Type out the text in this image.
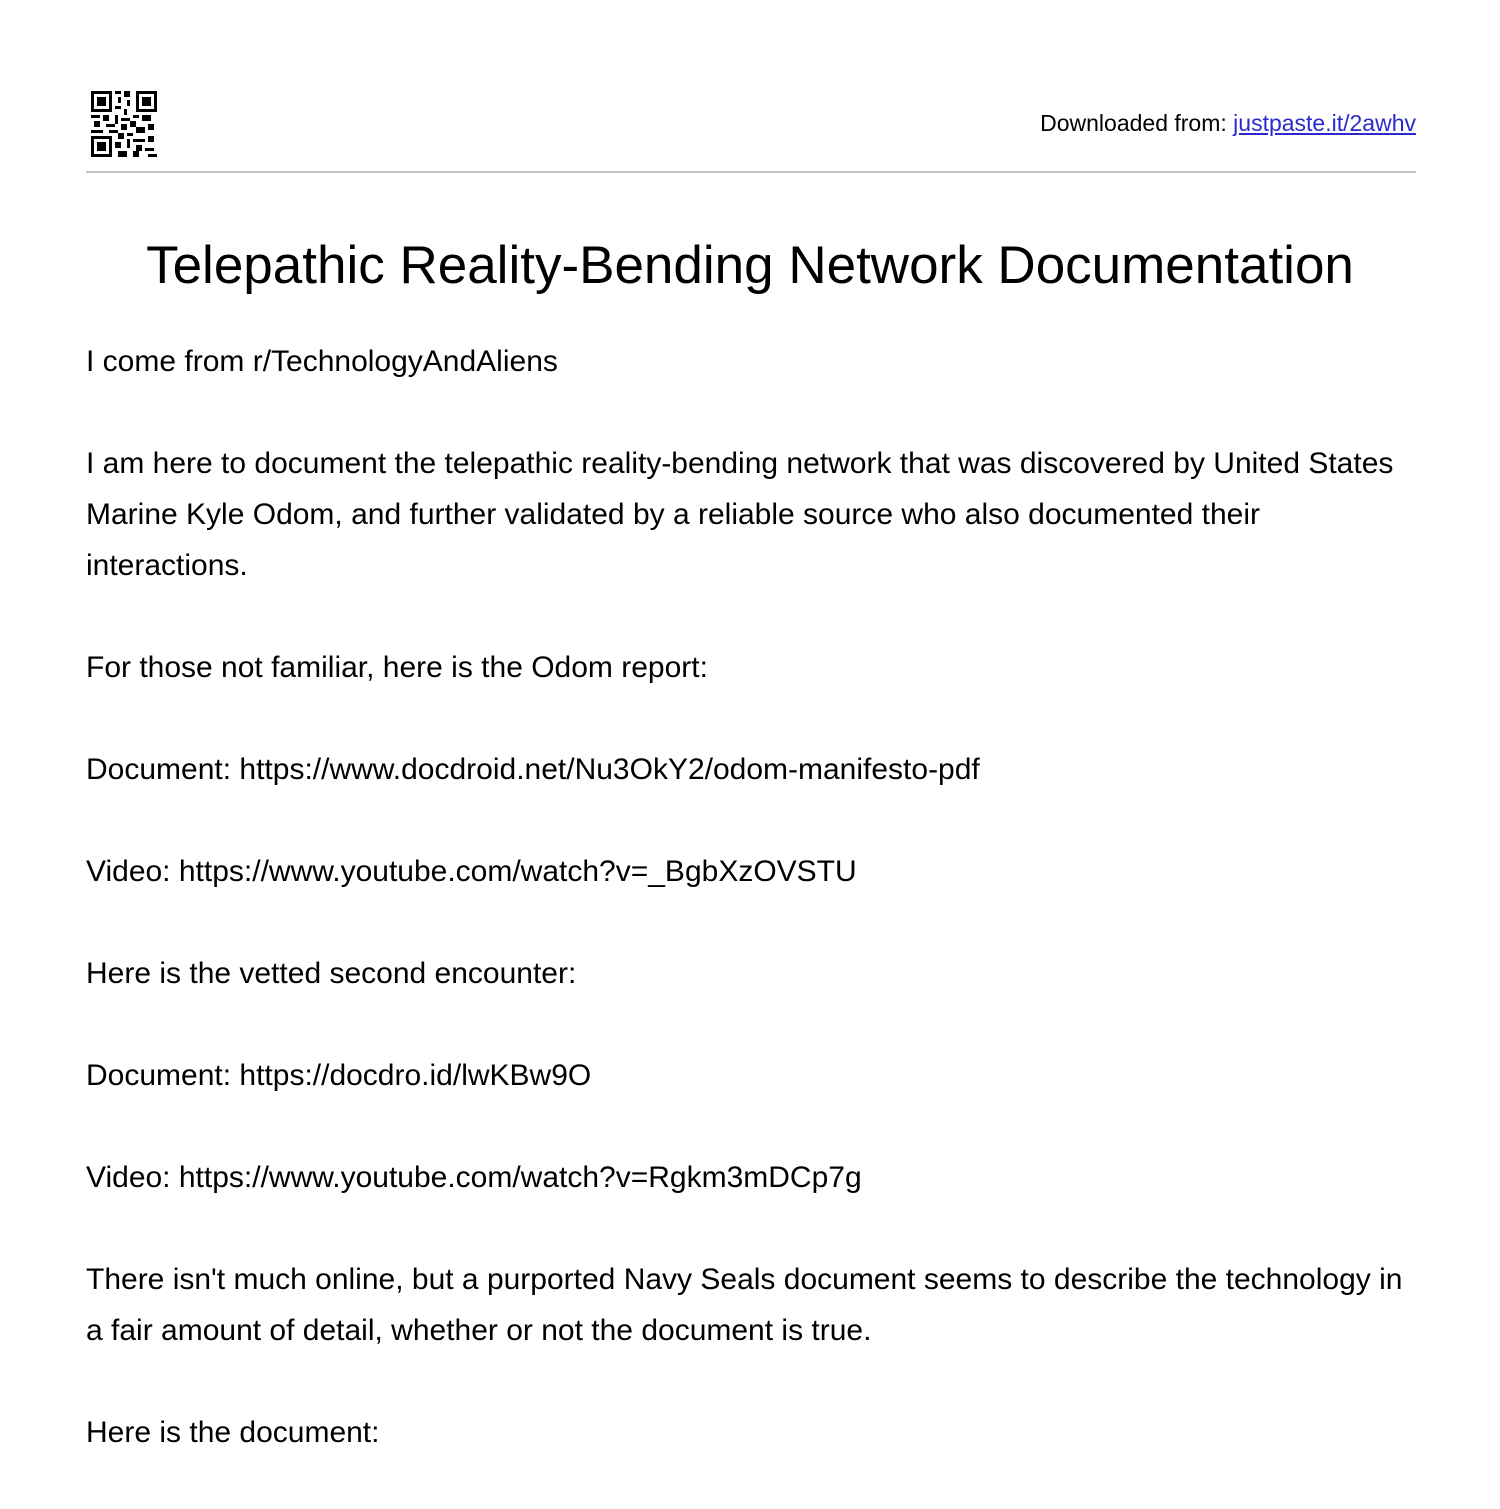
Downloaded from: justpaste.it/2awhv
Telepathic Reality-Bending Network Documentation

I come from r/TechnologyAndAliens

I am here to document the telepathic reality-bending network that was discovered by United States Marine Kyle Odom, and further validated by a reliable source who also documented their interactions.

For those not familiar, here is the Odom report:

Document: https://www.docdroid.net/Nu3OkY2/odom-manifesto-pdf

Video: https://www.youtube.com/watch?v=_BgbXzOVSTU

Here is the vetted second encounter:

Document: https://docdro.id/lwKBw9O

Video: https://www.youtube.com/watch?v=Rgkm3mDCp7g

There isn't much online, but a purported Navy Seals document seems to describe the technology in a fair amount of detail, whether or not the document is true.

Here is the document:
